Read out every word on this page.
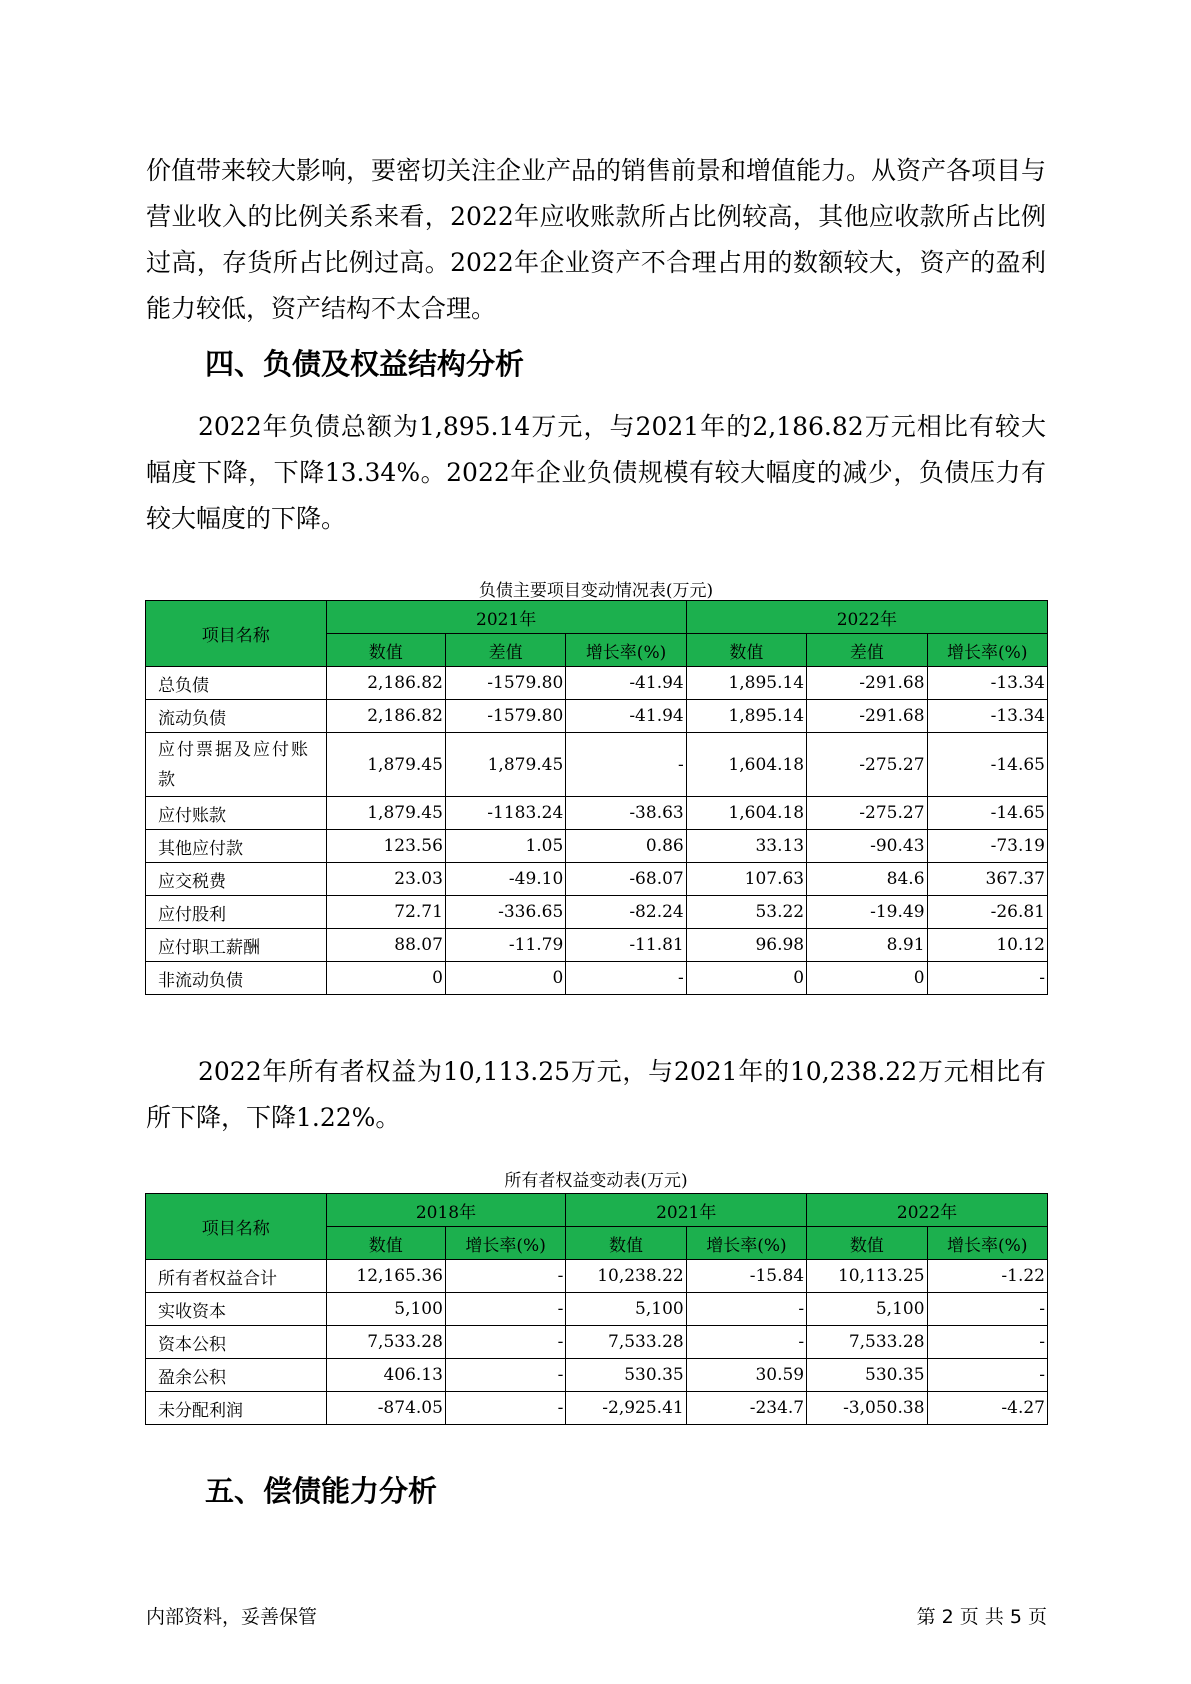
价值带来较大影响，要密切关注企业产品的销售前景和增值能力。从资产各项目与营业收入的比例关系来看，2022年应收账款所占比例较高，其他应收款所占比例过高，存货所占比例过高。2022年企业资产不合理占用的数额较大，资产的盈利能力较低，资产结构不太合理。

四、负债及权益结构分析

2022年负债总额为1,895.14万元，与2021年的2,186.82万元相比有较大幅度下降，下降13.34%。2022年企业负债规模有较大幅度的减少，负债压力有较大幅度的下降。

负债主要项目变动情况表(万元)
项目名称	2021年			2022年		
	数值	差值	增长率(%)	数值	差值	增长率(%)
总负债	2,186.82	-1579.80	-41.94	1,895.14	-291.68	-13.34
流动负债	2,186.82	-1579.80	-41.94	1,895.14	-291.68	-13.34
应付票据及应付账款	1,879.45	1,879.45	-	1,604.18	-275.27	-14.65
应付账款	1,879.45	-1183.24	-38.63	1,604.18	-275.27	-14.65
其他应付款	123.56	1.05	0.86	33.13	-90.43	-73.19
应交税费	23.03	-49.10	-68.07	107.63	84.6	367.37
应付股利	72.71	-336.65	-82.24	53.22	-19.49	-26.81
应付职工薪酬	88.07	-11.79	-11.81	96.98	8.91	10.12
非流动负债	0	0	-	0	0	-

2022年所有者权益为10,113.25万元，与2021年的10,238.22万元相比有所下降，下降1.22%。

所有者权益变动表(万元)
项目名称	2018年		2021年		2022年	
	数值	增长率(%)	数值	增长率(%)	数值	增长率(%)
所有者权益合计	12,165.36	-	10,238.22	-15.84	10,113.25	-1.22
实收资本	5,100	-	5,100	-	5,100	-
资本公积	7,533.28	-	7,533.28	-	7,533.28	-
盈余公积	406.13	-	530.35	30.59	530.35	-
未分配利润	-874.05	-	-2,925.41	-234.7	-3,050.38	-4.27
五、偿债能力分析
内部资料，妥善保管	第 2 页 共 5 页
